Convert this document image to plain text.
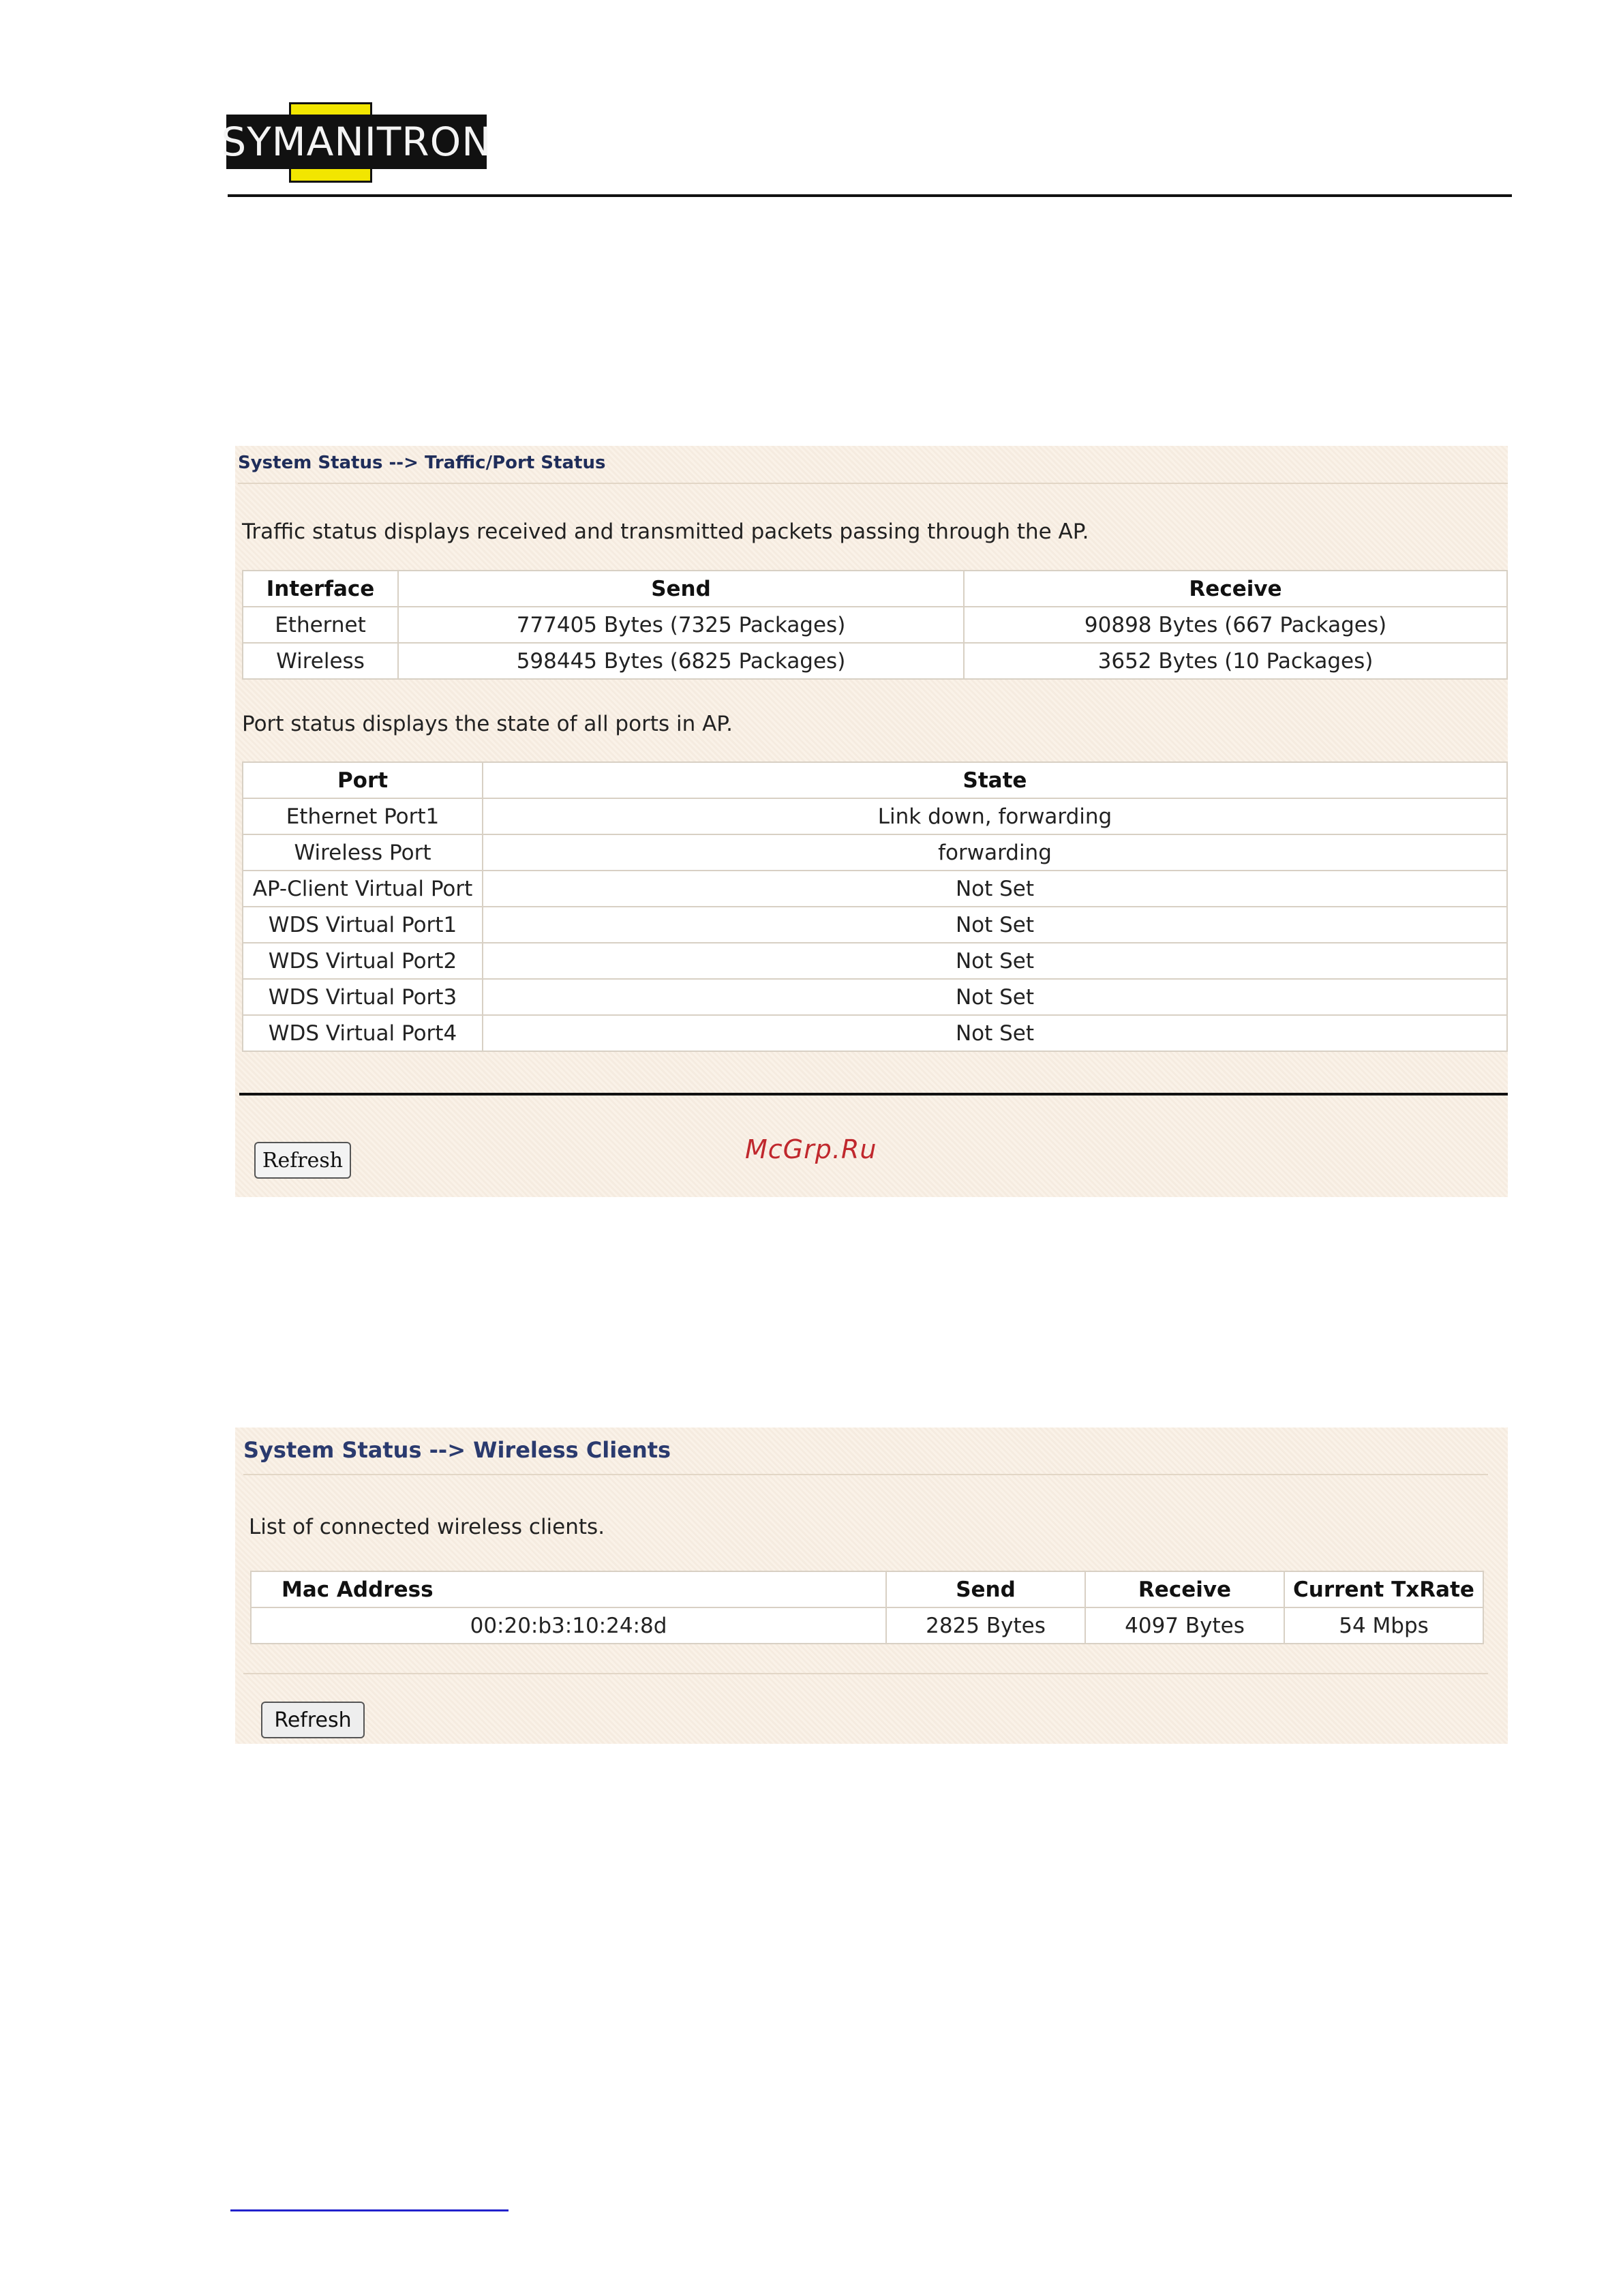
SYMANITRON
System Status --> Traffic/Port Status
Traffic status displays received and transmitted packets passing through the AP.
Interface	Send	Receive
Ethernet	777405 Bytes (7325 Packages)	90898 Bytes (667 Packages)
Wireless	598445 Bytes (6825 Packages)	3652 Bytes (10 Packages)
Port status displays the state of all ports in AP.
Port	State
Ethernet Port1	Link down, forwarding
Wireless Port	forwarding
AP-Client Virtual Port	Not Set
WDS Virtual Port1	Not Set
WDS Virtual Port2	Not Set
WDS Virtual Port3	Not Set
WDS Virtual Port4	Not Set
Refresh	McGrp.Ru
System Status --> Wireless Clients
List of connected wireless clients.
Mac Address	Send	Receive	Current TxRate
00:20:b3:10:24:8d	2825 Bytes	4097 Bytes	54 Mbps
Refresh
